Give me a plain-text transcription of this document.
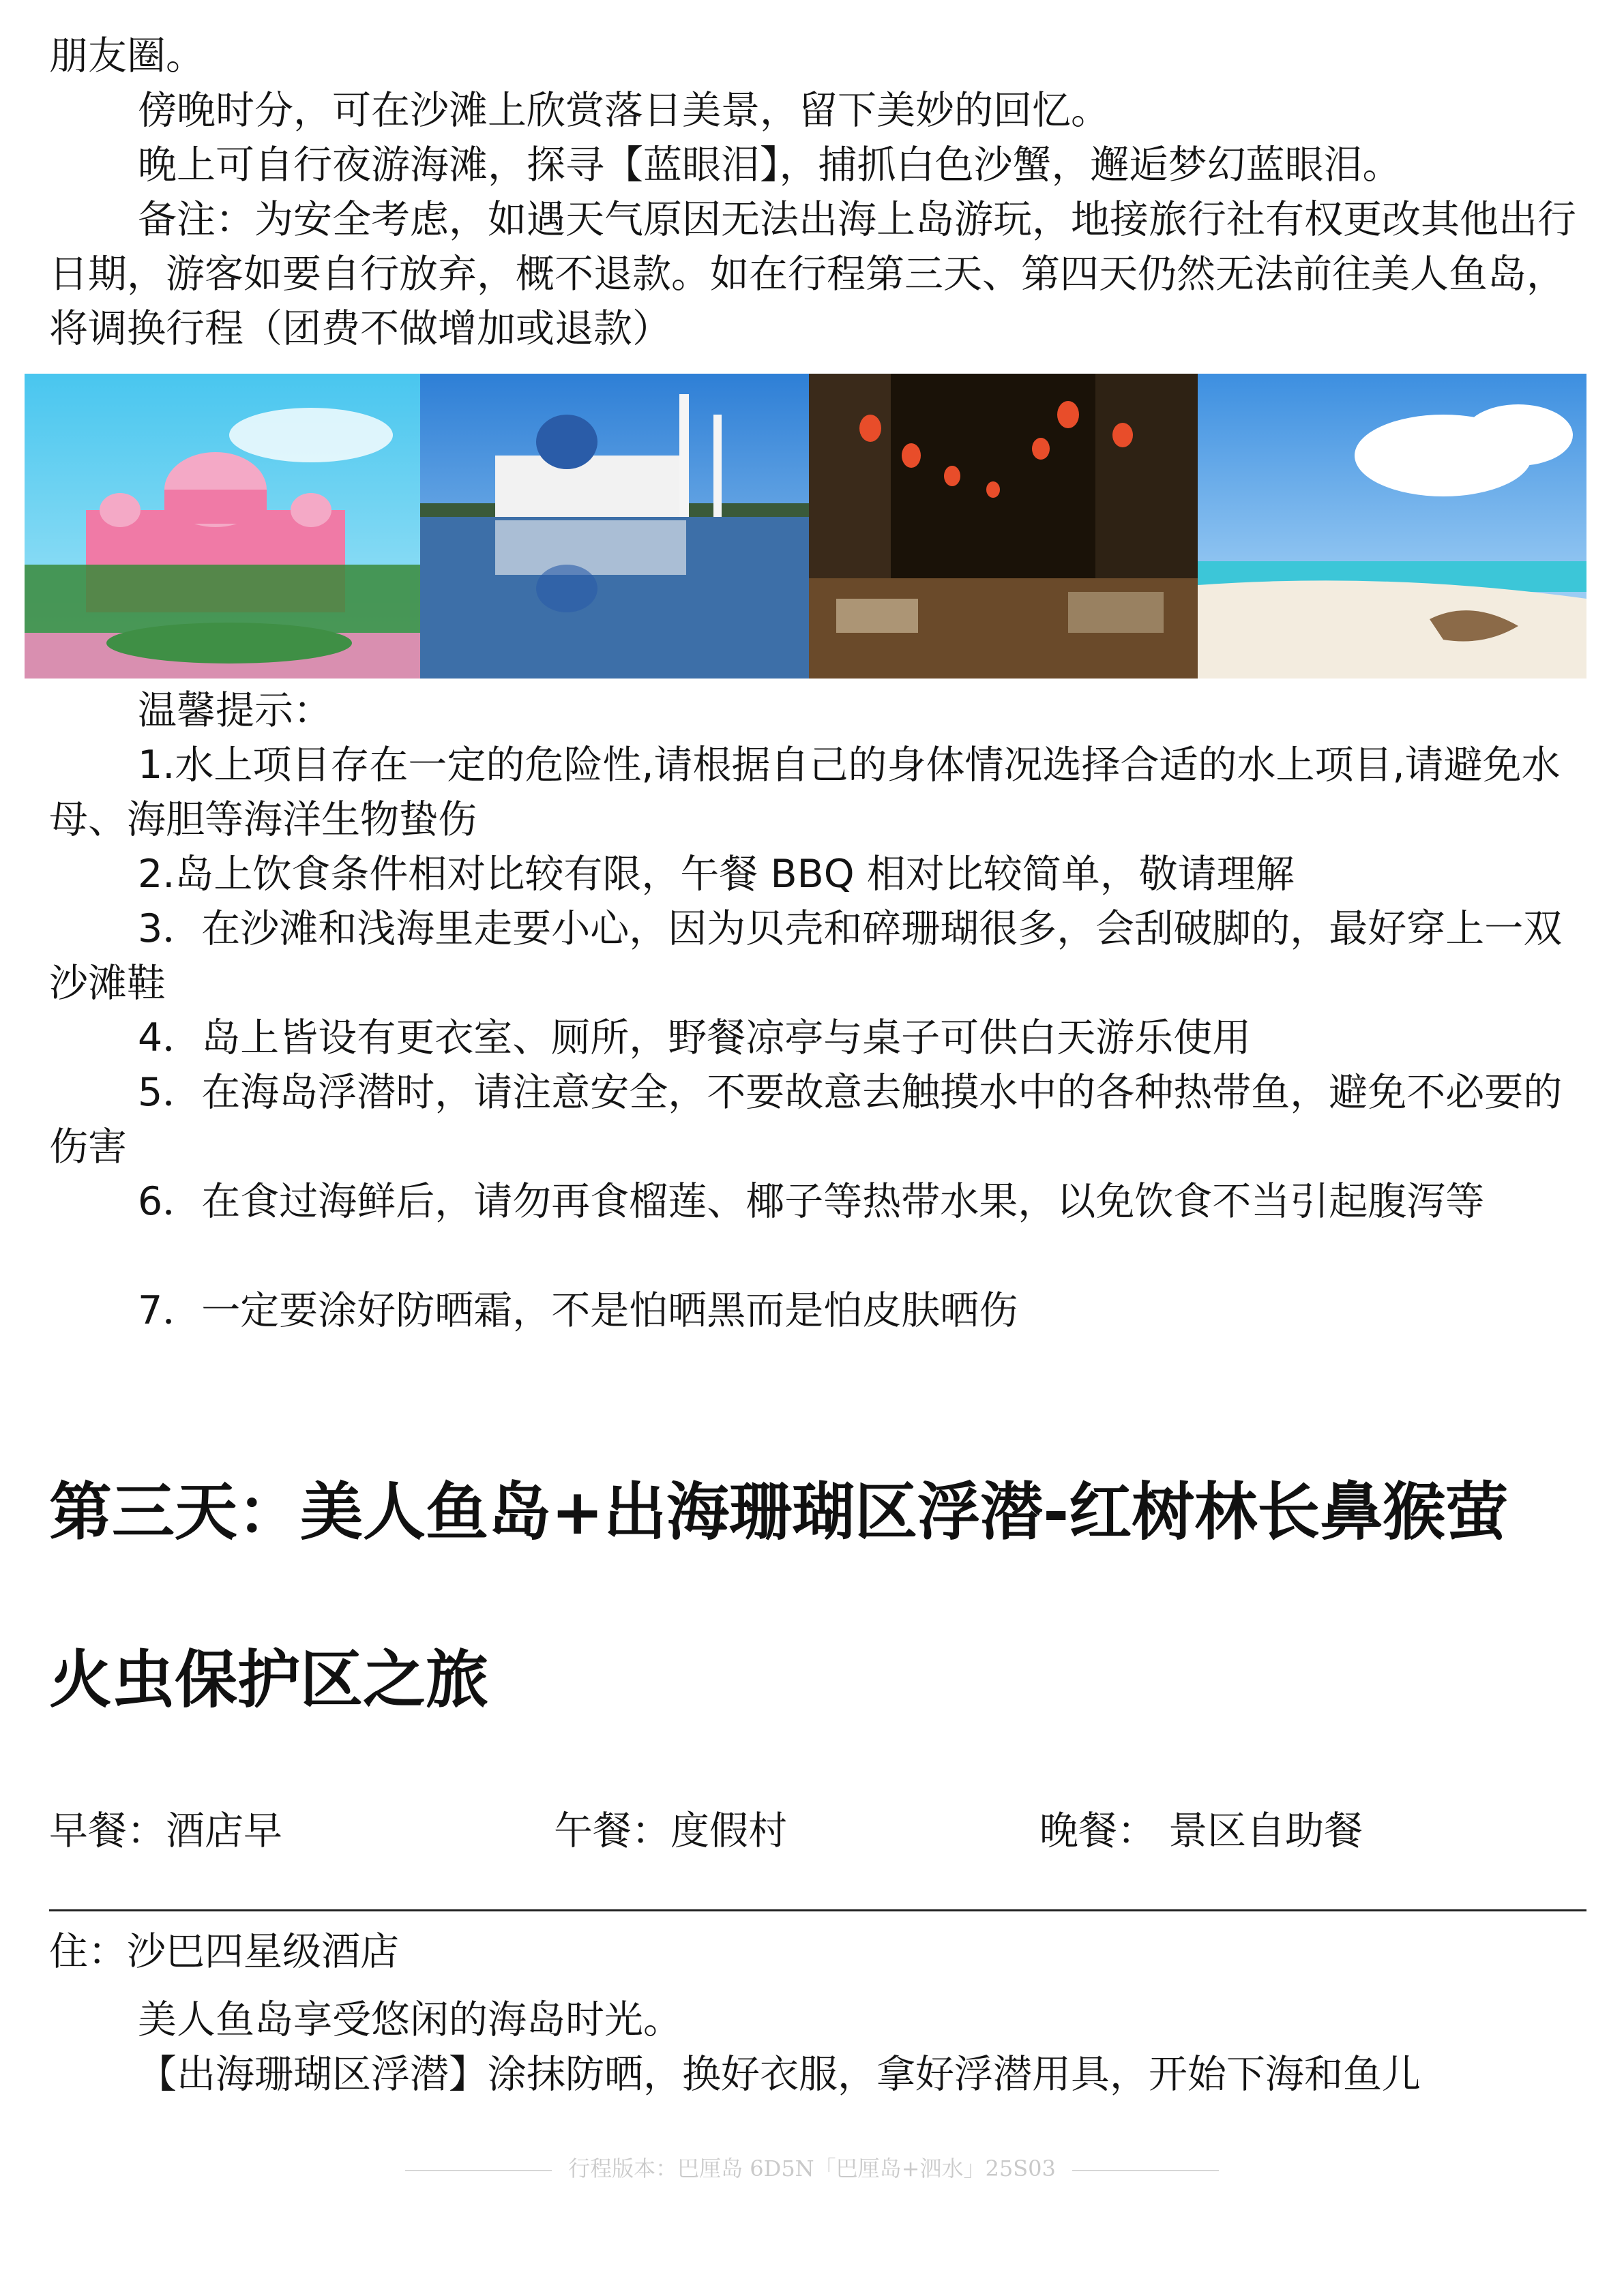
朋友圈。

傍晚时分，可在沙滩上欣赏落日美景，留下美妙的回忆。

晚上可自行夜游海滩，探寻【蓝眼泪】，捕抓白色沙蟹，邂逅梦幻蓝眼泪。

备注：为安全考虑，如遇天气原因无法出海上岛游玩，地接旅行社有权更改其他出行日期，游客如要自行放弃，概不退款。如在行程第三天、第四天仍然无法前往美人鱼岛，将调换行程（团费不做增加或退款）

温馨提示：

1.水上项目存在一定的危险性,请根据自己的身体情况选择合适的水上项目,请避免水母、海胆等海洋生物蛰伤

2.岛上饮食条件相对比较有限，午餐 BBQ 相对比较简单，敬请理解

3．在沙滩和浅海里走要小心，因为贝壳和碎珊瑚很多，会刮破脚的，最好穿上一双沙滩鞋

4．岛上皆设有更衣室、厕所，野餐凉亭与桌子可供白天游乐使用

5．在海岛浮潜时，请注意安全，不要故意去触摸水中的各种热带鱼，避免不必要的伤害

6．在食过海鲜后，请勿再食榴莲、椰子等热带水果，以免饮食不当引起腹泻等

7．一定要涂好防晒霜，不是怕晒黑而是怕皮肤晒伤

第三天：美人鱼岛+出海珊瑚区浮潜-红树林长鼻猴萤
火虫保护区之旅
早餐：酒店早	午餐：度假村	晚餐： 景区自助餐

住：沙巴四星级酒店

美人鱼岛享受悠闲的海岛时光。

【出海珊瑚区浮潜】涂抹防晒，换好衣服，拿好浮潜用具，开始下海和鱼儿

行程版本：巴厘岛 6D5N「巴厘岛+泗水」25S03
